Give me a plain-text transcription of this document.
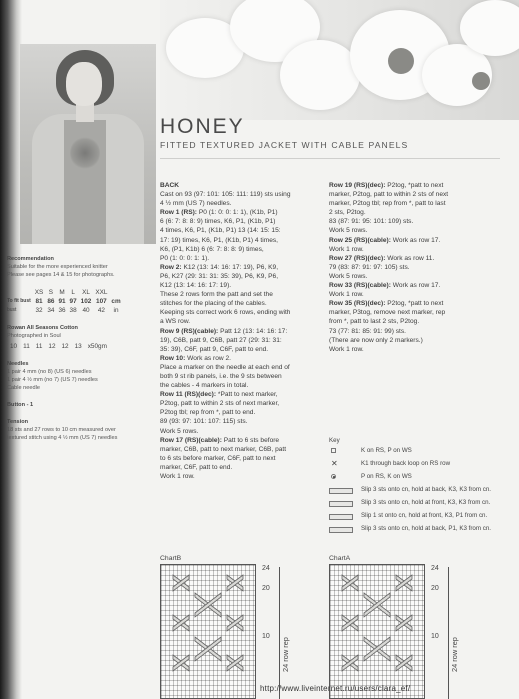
HONEY
FITTED TEXTURED JACKET WITH CABLE PANELS
Recommendation
Suitable for the more experienced knitter
Please see pages 14 & 15 for photographs.
	XS	S	M	L	XL	XXL	
To fit bust	81	86	91	97	102	107	cm
bust	32	34	36	38	40	42	in
Rowan All Seasons Cotton
Photographed in Soul
10	11	11	12	12	13	x50gm
Needles
1 pair 4 mm (no 8) (US 6) needles
1 pair 4 ½ mm (no 7) (US 7) needles
Cable needle
Button - 1
Tension
18 sts and 27 rows to 10 cm measured over
textured stitch using 4 ½ mm (US 7) needles

BACK

Cast on 93 (97: 101: 105: 111: 119) sts using

4 ½ mm (US 7) needles.

Row 1 (RS): P0 (1: 0: 0: 1: 1), (K1b, P1)

6 (6: 7: 8: 8: 9) times, K6, P1, (K1b, P1)

4 times, K6, P1, (K1b, P1) 13 (14: 15: 15:

17: 19) times, K6, P1, (K1b, P1) 4 times,

K6, (P1, K1b) 6 (6: 7: 8: 8: 9) times,

P0 (1: 0: 0: 1: 1).

Row 2: K12 (13: 14: 16: 17: 19), P6, K9,

P6, K27 (29: 31: 31: 35: 39), P6, K9, P6,

K12 (13: 14: 16: 17: 19).

These 2 rows form the patt and set the

stitches for the placing of the cables.

Keeping sts correct work 6 rows, ending with

a WS row.

Row 9 (RS)(cable): Patt 12 (13: 14: 16: 17:

19), C6B, patt 9, C6B, patt 27 (29: 31: 31:

35: 39), C6F, patt 9, C6F, patt to end.

Row 10: Work as row 2.

Place a marker on the needle at each end of

both 9 st rib panels, i.e. the 9 sts between

the cables - 4 markers in total.

Row 11 (RS)(dec): *Patt to next marker,

P2tog, patt to within 2 sts of next marker,

P2tog tbl; rep from *, patt to end.

89 (93: 97: 101: 107: 115) sts.

Work 5 rows.

Row 17 (RS)(cable): Patt to 6 sts before

marker, C6B, patt to next marker, C6B, patt

to 6 sts before marker, C6F, patt to next

marker, C6F, patt to end.

Work 1 row.

Row 19 (RS)(dec): P2tog, *patt to next

marker, P2tog, patt to within 2 sts of next

marker, P2tog tbl; rep from *, patt to last

2 sts, P2tog.

83 (87: 91: 95: 101: 109) sts.

Work 5 rows.

Row 25 (RS)(cable): Work as row 17.

Work 1 row.

Row 27 (RS)(dec): Work as row 11.

79 (83: 87: 91: 97: 105) sts.

Work 5 rows.

Row 33 (RS)(cable): Work as row 17.

Work 1 row.

Row 35 (RS)(dec): P2tog, *patt to next

marker, P3tog, remove next marker, rep

from *, patt to last 2 sts, P2tog.

73 (77: 81: 85: 91: 99) sts.

(There are now only 2 markers.)

Work 1 row.

Key
K on RS, P on WS
✕	K1 through back loop on RS row
P on RS, K on WS
Slip 3 sts onto cn, hold at back, K3, K3 from cn.
Slip 3 sts onto cn, hold at front, K3, K3 from cn.
Slip 1 st onto cn, hold at front, K3, P1 from cn.
Slip 3 sts onto cn, hold at back, P1, K3 from cn.
ChartB
24
20
10
24 row rep
ChartA
24
20
10
24 row rep
http://www.liveinternet.ru/users/clara_ef/
